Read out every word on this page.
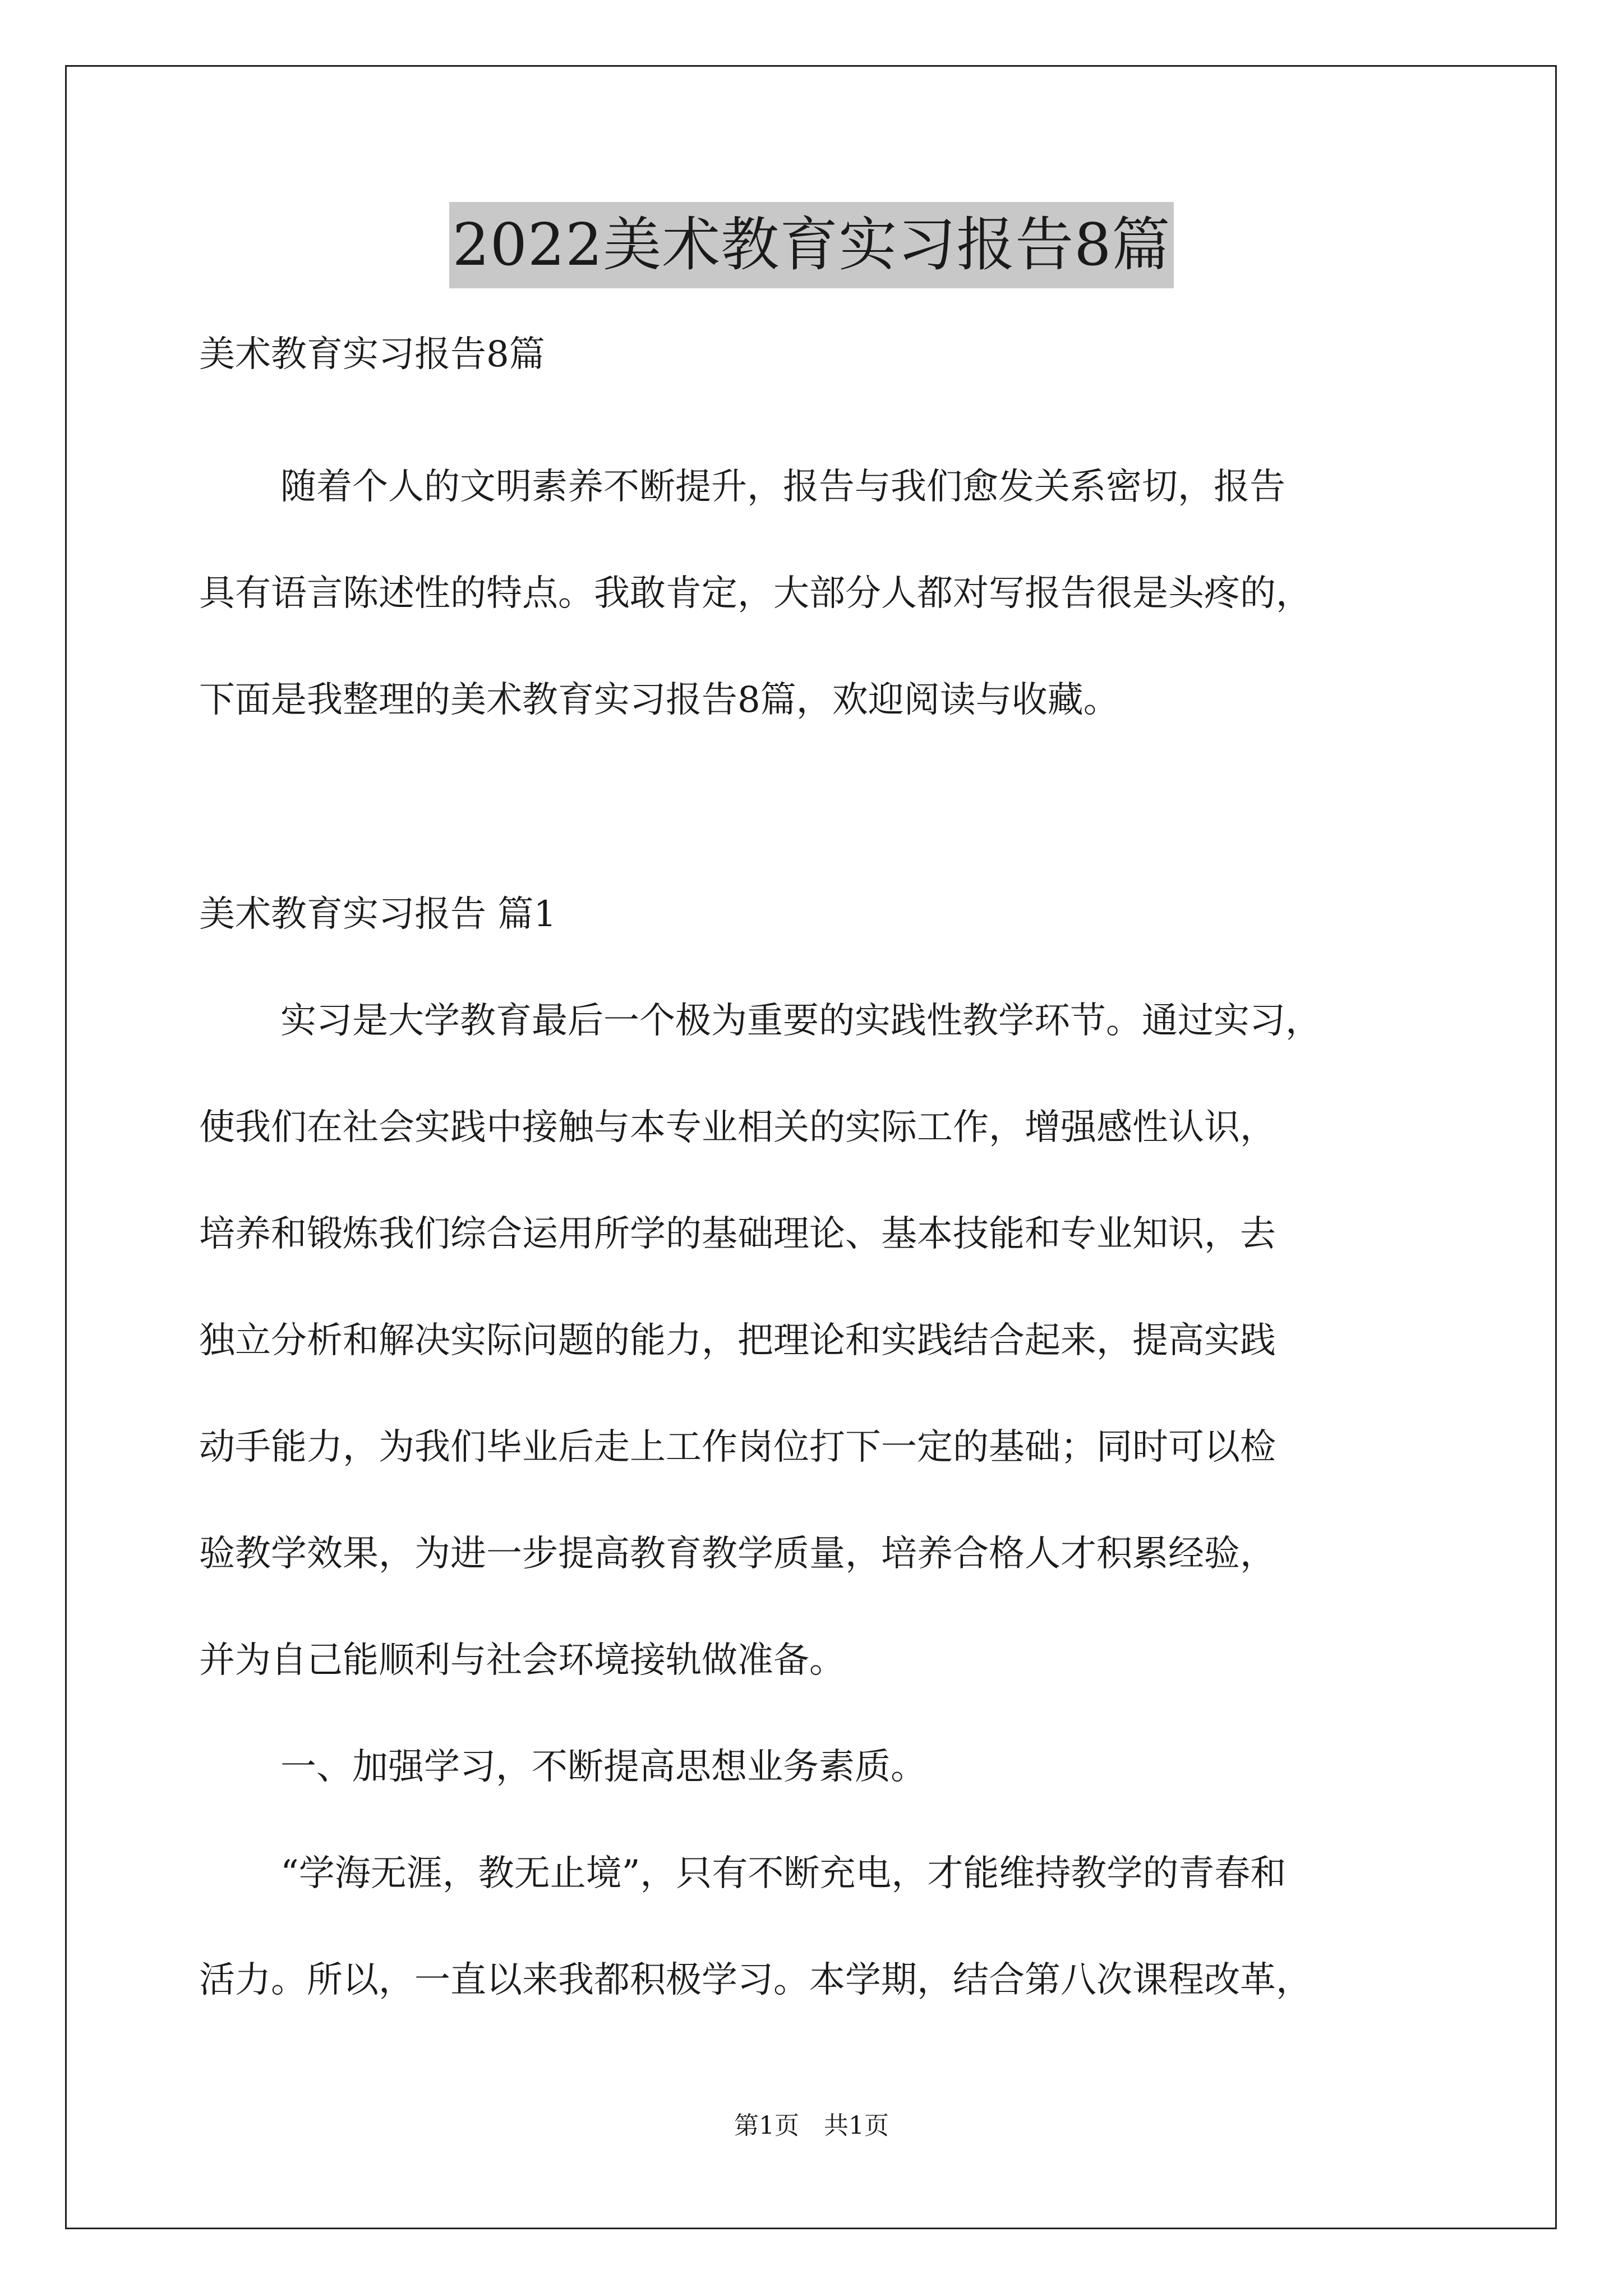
2022美术教育实习报告8篇
美术教育实习报告8篇
随着个人的文明素养不断提升，报告与我们愈发关系密切，报告
具有语言陈述性的特点。我敢肯定，大部分人都对写报告很是头疼的，
下面是我整理的美术教育实习报告8篇，欢迎阅读与收藏。
美术教育实习报告 篇1
实习是大学教育最后一个极为重要的实践性教学环节。通过实习，
使我们在社会实践中接触与本专业相关的实际工作，增强感性认识，
培养和锻炼我们综合运用所学的基础理论、基本技能和专业知识，去
独立分析和解决实际问题的能力，把理论和实践结合起来，提高实践
动手能力，为我们毕业后走上工作岗位打下一定的基础；同时可以检
验教学效果，为进一步提高教育教学质量，培养合格人才积累经验，
并为自己能顺利与社会环境接轨做准备。
一、加强学习，不断提高思想业务素质。
“学海无涯，教无止境”，只有不断充电，才能维持教学的青春和
活力。所以，一直以来我都积极学习。本学期，结合第八次课程改革，
第1页　共1页
